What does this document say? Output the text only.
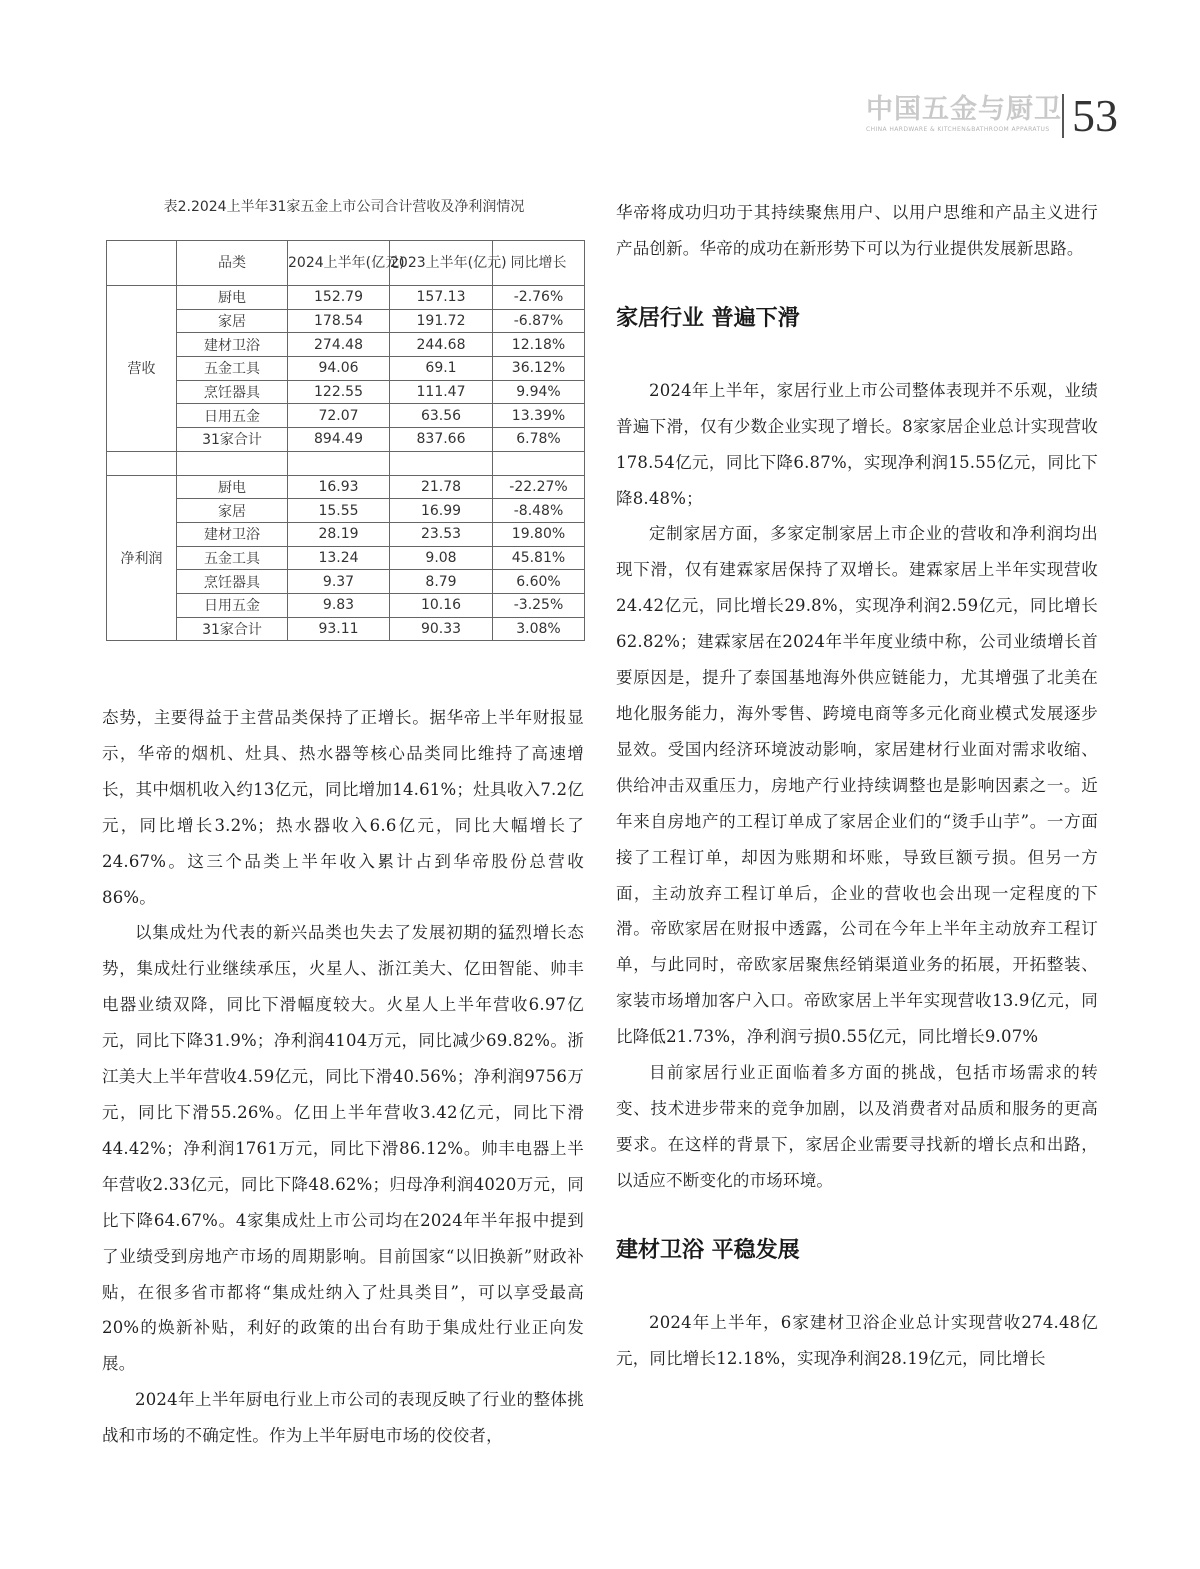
中国五金与厨卫
CHINA HARDWARE & KITCHEN&BATHROOM APPARATUS 53
表2.2024上半年31家五金上市公司合计营收及净利润情况
	品类	2024上半年(亿元)	2023上半年(亿元)	同比增长
营收	厨电	152.79	157.13	-2.76%
	家居	178.54	191.72	-6.87%
	建材卫浴	274.48	244.68	12.18%
	五金工具	94.06	69.1	36.12%
	烹饪器具	122.55	111.47	9.94%
	日用五金	72.07	63.56	13.39%
	31家合计	894.49	837.66	6.78%

净利润	厨电	16.93	21.78	-22.27%
	家居	15.55	16.99	-8.48%
	建材卫浴	28.19	23.53	19.80%
	五金工具	13.24	9.08	45.81%
	烹饪器具	9.37	8.79	6.60%
	日用五金	9.83	10.16	-3.25%
	31家合计	93.11	90.33	3.08%

态势，主要得益于主营品类保持了正增长。据华帝上半年财报显示，华帝的烟机、灶具、热水器等核心品类同比维持了高速增长，其中烟机收入约13亿元，同比增加14.61%；灶具收入7.2亿元，同比增长3.2%；热水器收入6.6亿元，同比大幅增长了24.67%。这三个品类上半年收入累计占到华帝股份总营收86%。

以集成灶为代表的新兴品类也失去了发展初期的猛烈增长态势，集成灶行业继续承压，火星人、浙江美大、亿田智能、帅丰电器业绩双降，同比下滑幅度较大。火星人上半年营收6.97亿元，同比下降31.9%；净利润4104万元，同比减少69.82%。浙江美大上半年营收4.59亿元，同比下滑40.56%；净利润9756万元，同比下滑55.26%。亿田上半年营收3.42亿元，同比下滑44.42%；净利润1761万元，同比下滑86.12%。帅丰电器上半年营收2.33亿元，同比下降48.62%；归母净利润4020万元，同比下降64.67%。4家集成灶上市公司均在2024年半年报中提到了业绩受到房地产市场的周期影响。目前国家“以旧换新”财政补贴，在很多省市都将“集成灶纳入了灶具类目”，可以享受最高20%的焕新补贴，利好的政策的出台有助于集成灶行业正向发展。

2024年上半年厨电行业上市公司的表现反映了行业的整体挑战和市场的不确定性。作为上半年厨电市场的佼佼者，

华帝将成功归功于其持续聚焦用户、以用户思维和产品主义进行产品创新。华帝的成功在新形势下可以为行业提供发展新思路。

家居行业 普遍下滑

2024年上半年，家居行业上市公司整体表现并不乐观，业绩普遍下滑，仅有少数企业实现了增长。8家家居企业总计实现营收178.54亿元，同比下降6.87%，实现净利润15.55亿元，同比下降8.48%；

定制家居方面，多家定制家居上市企业的营收和净利润均出现下滑，仅有建霖家居保持了双增长。建霖家居上半年实现营收24.42亿元，同比增长29.8%，实现净利润2.59亿元，同比增长62.82%；建霖家居在2024年半年度业绩中称，公司业绩增长首要原因是，提升了泰国基地海外供应链能力，尤其增强了北美在地化服务能力，海外零售、跨境电商等多元化商业模式发展逐步显效。受国内经济环境波动影响，家居建材行业面对需求收缩、供给冲击双重压力，房地产行业持续调整也是影响因素之一。近年来自房地产的工程订单成了家居企业们的“烫手山芋”。一方面接了工程订单，却因为账期和坏账，导致巨额亏损。但另一方面，主动放弃工程订单后，企业的营收也会出现一定程度的下滑。帝欧家居在财报中透露，公司在今年上半年主动放弃工程订单，与此同时，帝欧家居聚焦经销渠道业务的拓展，开拓整装、家装市场增加客户入口。帝欧家居上半年实现营收13.9亿元，同比降低21.73%，净利润亏损0.55亿元，同比增长9.07%

目前家居行业正面临着多方面的挑战，包括市场需求的转变、技术进步带来的竞争加剧，以及消费者对品质和服务的更高要求。在这样的背景下，家居企业需要寻找新的增长点和出路，以适应不断变化的市场环境。

建材卫浴 平稳发展

2024年上半年，6家建材卫浴企业总计实现营收274.48亿元，同比增长12.18%，实现净利润28.19亿元，同比增长
